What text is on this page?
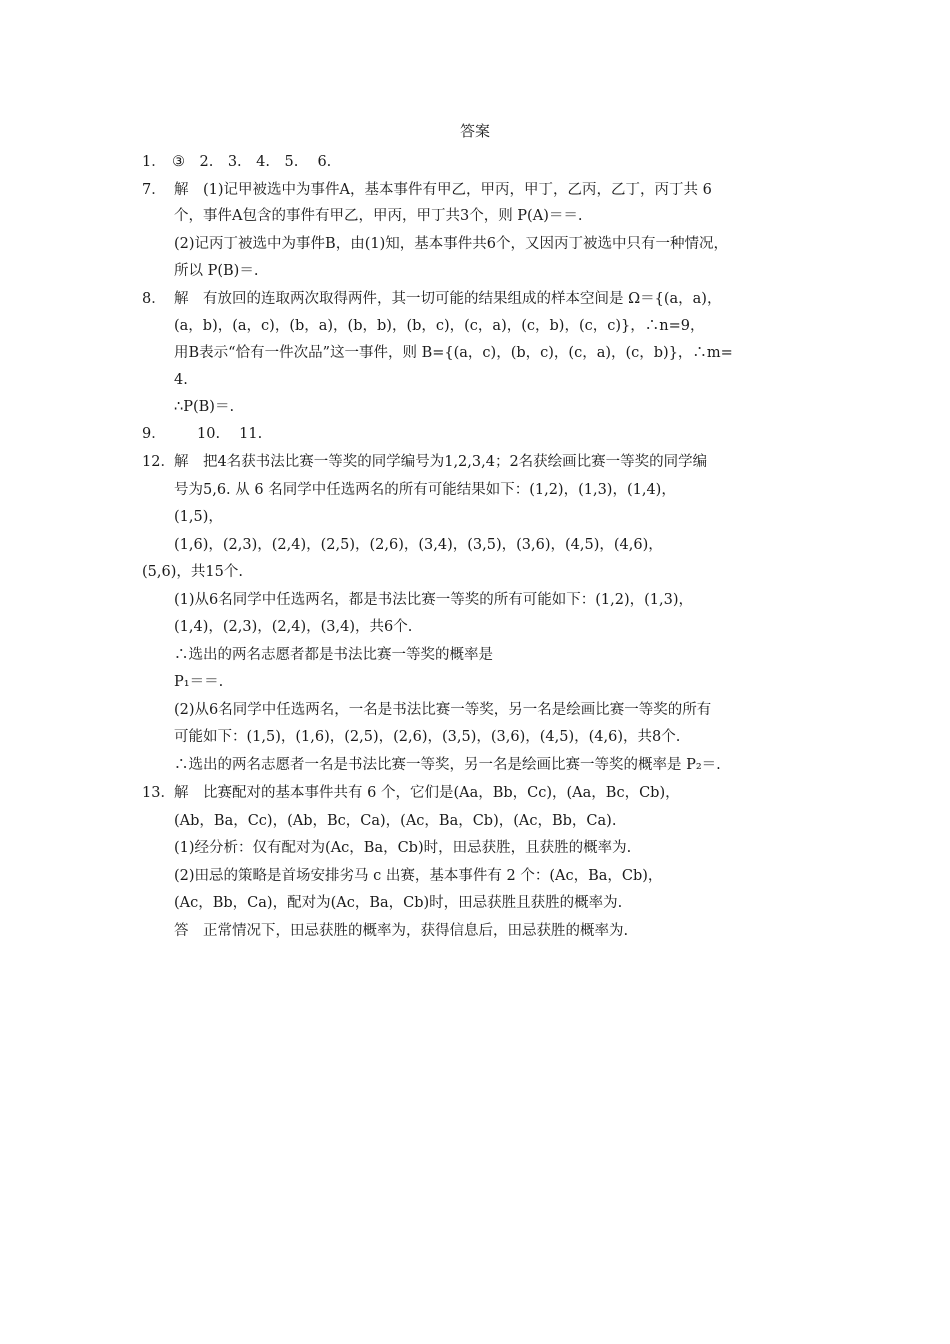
答案
1． ③　2.　3.　4.　5.　 6.
7． 解　(1)记甲被选中为事件A，基本事件有甲乙，甲丙，甲丁，乙丙，乙丁，丙丁共 6
个，事件A包含的事件有甲乙，甲丙，甲丁共3个，则 P(A)＝＝.
(2)记丙丁被选中为事件B，由(1)知，基本事件共6个，又因丙丁被选中只有一种情况，
所以 P(B)＝.
8． 解　有放回的连取两次取得两件，其一切可能的结果组成的样本空间是 Ω＝{(a，a)，
(a，b)，(a，c)，(b，a)，(b，b)，(b，c)，(c，a)，(c，b)，(c，c)}，∴n=9，
用B表示“恰有一件次品”这一事件，则 B={(a，c)，(b，c)，(c，a)，(c，b)}，∴m=
4.
∴P(B)＝.
9． 　　10.　 11.
12． 解　把4名获书法比赛一等奖的同学编号为1,2,3,4；2名获绘画比赛一等奖的同学编
号为5,6. 从 6 名同学中任选两名的所有可能结果如下：(1,2)，(1,3)，(1,4)，
(1,5)，
(1,6)，(2,3)，(2,4)，(2,5)，(2,6)，(3,4)，(3,5)，(3,6)，(4,5)，(4,6)，
(5,6)，共15个.
(1)从6名同学中任选两名，都是书法比赛一等奖的所有可能如下：(1,2)，(1,3)，
(1,4)，(2,3)，(2,4)，(3,4)，共6个.
∴选出的两名志愿者都是书法比赛一等奖的概率是
P₁＝＝.
(2)从6名同学中任选两名，一名是书法比赛一等奖，另一名是绘画比赛一等奖的所有
可能如下：(1,5)，(1,6)，(2,5)，(2,6)，(3,5)，(3,6)，(4,5)，(4,6)，共8个.
∴选出的两名志愿者一名是书法比赛一等奖，另一名是绘画比赛一等奖的概率是 P₂＝.
13． 解　比赛配对的基本事件共有 6 个，它们是(Aa，Bb，Cc)，(Aa，Bc，Cb)，
(Ab，Ba，Cc)，(Ab，Bc，Ca)，(Ac，Ba，Cb)，(Ac，Bb，Ca).
(1)经分析：仅有配对为(Ac，Ba，Cb)时，田忌获胜，且获胜的概率为.
(2)田忌的策略是首场安排劣马 c 出赛，基本事件有 2 个：(Ac，Ba，Cb)，
(Ac，Bb，Ca)，配对为(Ac，Ba，Cb)时，田忌获胜且获胜的概率为.
答　正常情况下，田忌获胜的概率为，获得信息后，田忌获胜的概率为.
